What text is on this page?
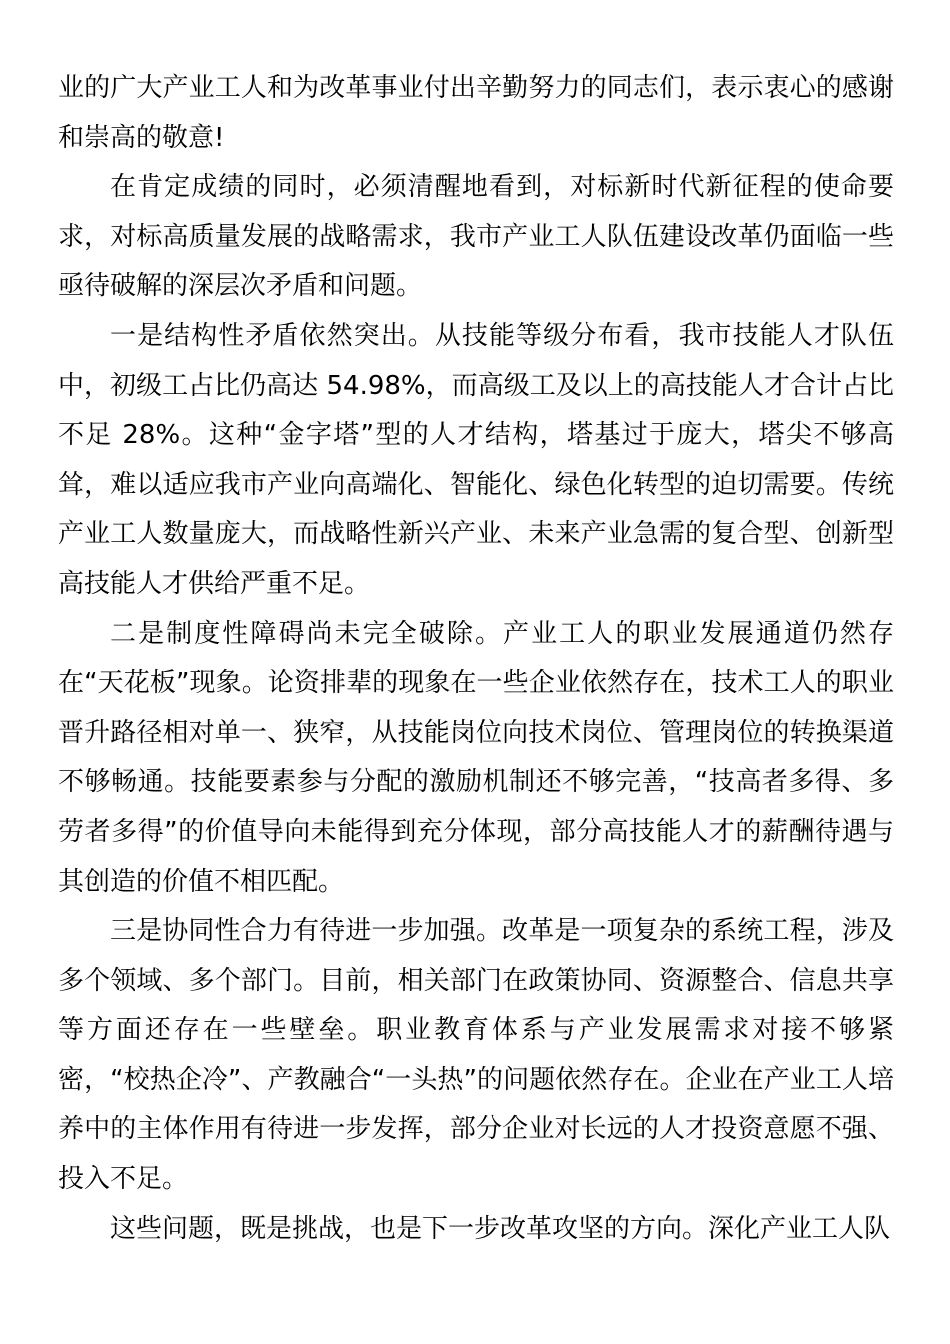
业的广大产业工人和为改革事业付出辛勤努力的同志们，表示衷心的感谢和崇高的敬意!

在肯定成绩的同时，必须清醒地看到，对标新时代新征程的使命要求，对标高质量发展的战略需求，我市产业工人队伍建设改革仍面临一些亟待破解的深层次矛盾和问题。

一是结构性矛盾依然突出。从技能等级分布看，我市技能人才队伍中，初级工占比仍高达 54.98%，而高级工及以上的高技能人才合计占比不足 28%。这种“金字塔”型的人才结构，塔基过于庞大，塔尖不够高耸，难以适应我市产业向高端化、智能化、绿色化转型的迫切需要。传统产业工人数量庞大，而战略性新兴产业、未来产业急需的复合型、创新型高技能人才供给严重不足。

二是制度性障碍尚未完全破除。产业工人的职业发展通道仍然存在“天花板”现象。论资排辈的现象在一些企业依然存在，技术工人的职业晋升路径相对单一、狭窄，从技能岗位向技术岗位、管理岗位的转换渠道不够畅通。技能要素参与分配的激励机制还不够完善，“技高者多得、多劳者多得”的价值导向未能得到充分体现，部分高技能人才的薪酬待遇与其创造的价值不相匹配。

三是协同性合力有待进一步加强。改革是一项复杂的系统工程，涉及多个领域、多个部门。目前，相关部门在政策协同、资源整合、信息共享等方面还存在一些壁垒。职业教育体系与产业发展需求对接不够紧密，“校热企冷”、产教融合“一头热”的问题依然存在。企业在产业工人培养中的主体作用有待进一步发挥，部分企业对长远的人才投资意愿不强、投入不足。

这些问题，既是挑战，也是下一步改革攻坚的方向。深化产业工人队
